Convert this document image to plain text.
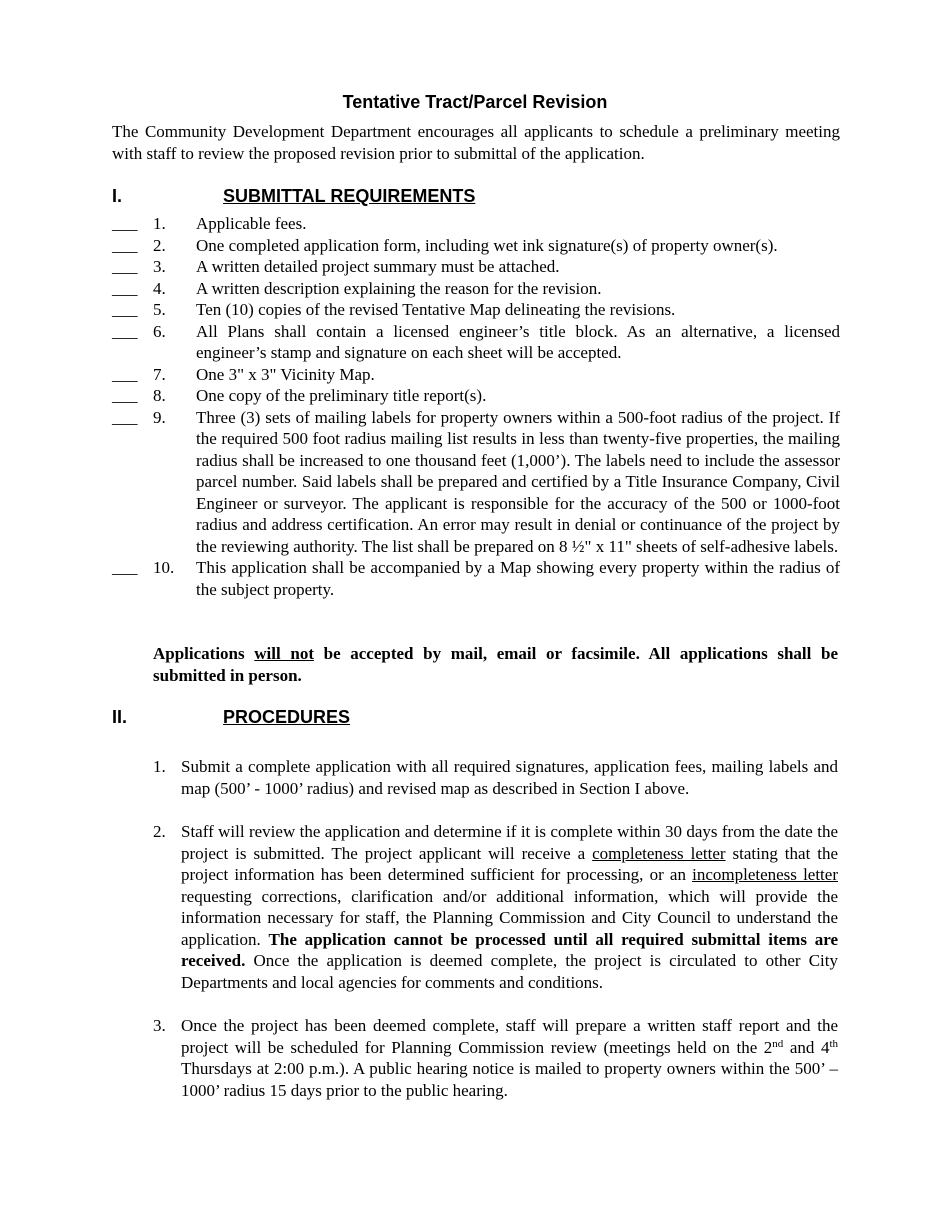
Tentative Tract/Parcel Revision
The Community Development Department encourages all applicants to schedule a preliminary meeting with staff to review the proposed revision prior to submittal of the application.
I.	SUBMITTAL REQUIREMENTS
___ 1. Applicable fees.
___ 2. One completed application form, including wet ink signature(s) of property owner(s).
___ 3. A written detailed project summary must be attached.
___ 4. A written description explaining the reason for the revision.
___ 5. Ten (10) copies of the revised Tentative Map delineating the revisions.
___ 6. All Plans shall contain a licensed engineer’s title block. As an alternative, a licensed engineer’s stamp and signature on each sheet will be accepted.
___ 7. One 3" x 3" Vicinity Map.
___ 8. One copy of the preliminary title report(s).
___ 9. Three (3) sets of mailing labels for property owners within a 500-foot radius of the project. If the required 500 foot radius mailing list results in less than twenty-five properties, the mailing radius shall be increased to one thousand feet (1,000’). The labels need to include the assessor parcel number. Said labels shall be prepared and certified by a Title Insurance Company, Civil Engineer or surveyor. The applicant is responsible for the accuracy of the 500 or 1000-foot radius and address certification. An error may result in denial or continuance of the project by the reviewing authority. The list shall be prepared on 8 ½" x 11" sheets of self-adhesive labels.
___ 10. This application shall be accompanied by a Map showing every property within the radius of the subject property.
Applications will not be accepted by mail, email or facsimile. All applications shall be submitted in person.
II.	PROCEDURES
1. Submit a complete application with all required signatures, application fees, mailing labels and map (500’ - 1000’ radius) and revised map as described in Section I above.
2. Staff will review the application and determine if it is complete within 30 days from the date the project is submitted. The project applicant will receive a completeness letter stating that the project information has been determined sufficient for processing, or an incompleteness letter requesting corrections, clarification and/or additional information, which will provide the information necessary for staff, the Planning Commission and City Council to understand the application. The application cannot be processed until all required submittal items are received. Once the application is deemed complete, the project is circulated to other City Departments and local agencies for comments and conditions.
3. Once the project has been deemed complete, staff will prepare a written staff report and the project will be scheduled for Planning Commission review (meetings held on the 2nd and 4th Thursdays at 2:00 p.m.). A public hearing notice is mailed to property owners within the 500’ – 1000’ radius 15 days prior to the public hearing.
